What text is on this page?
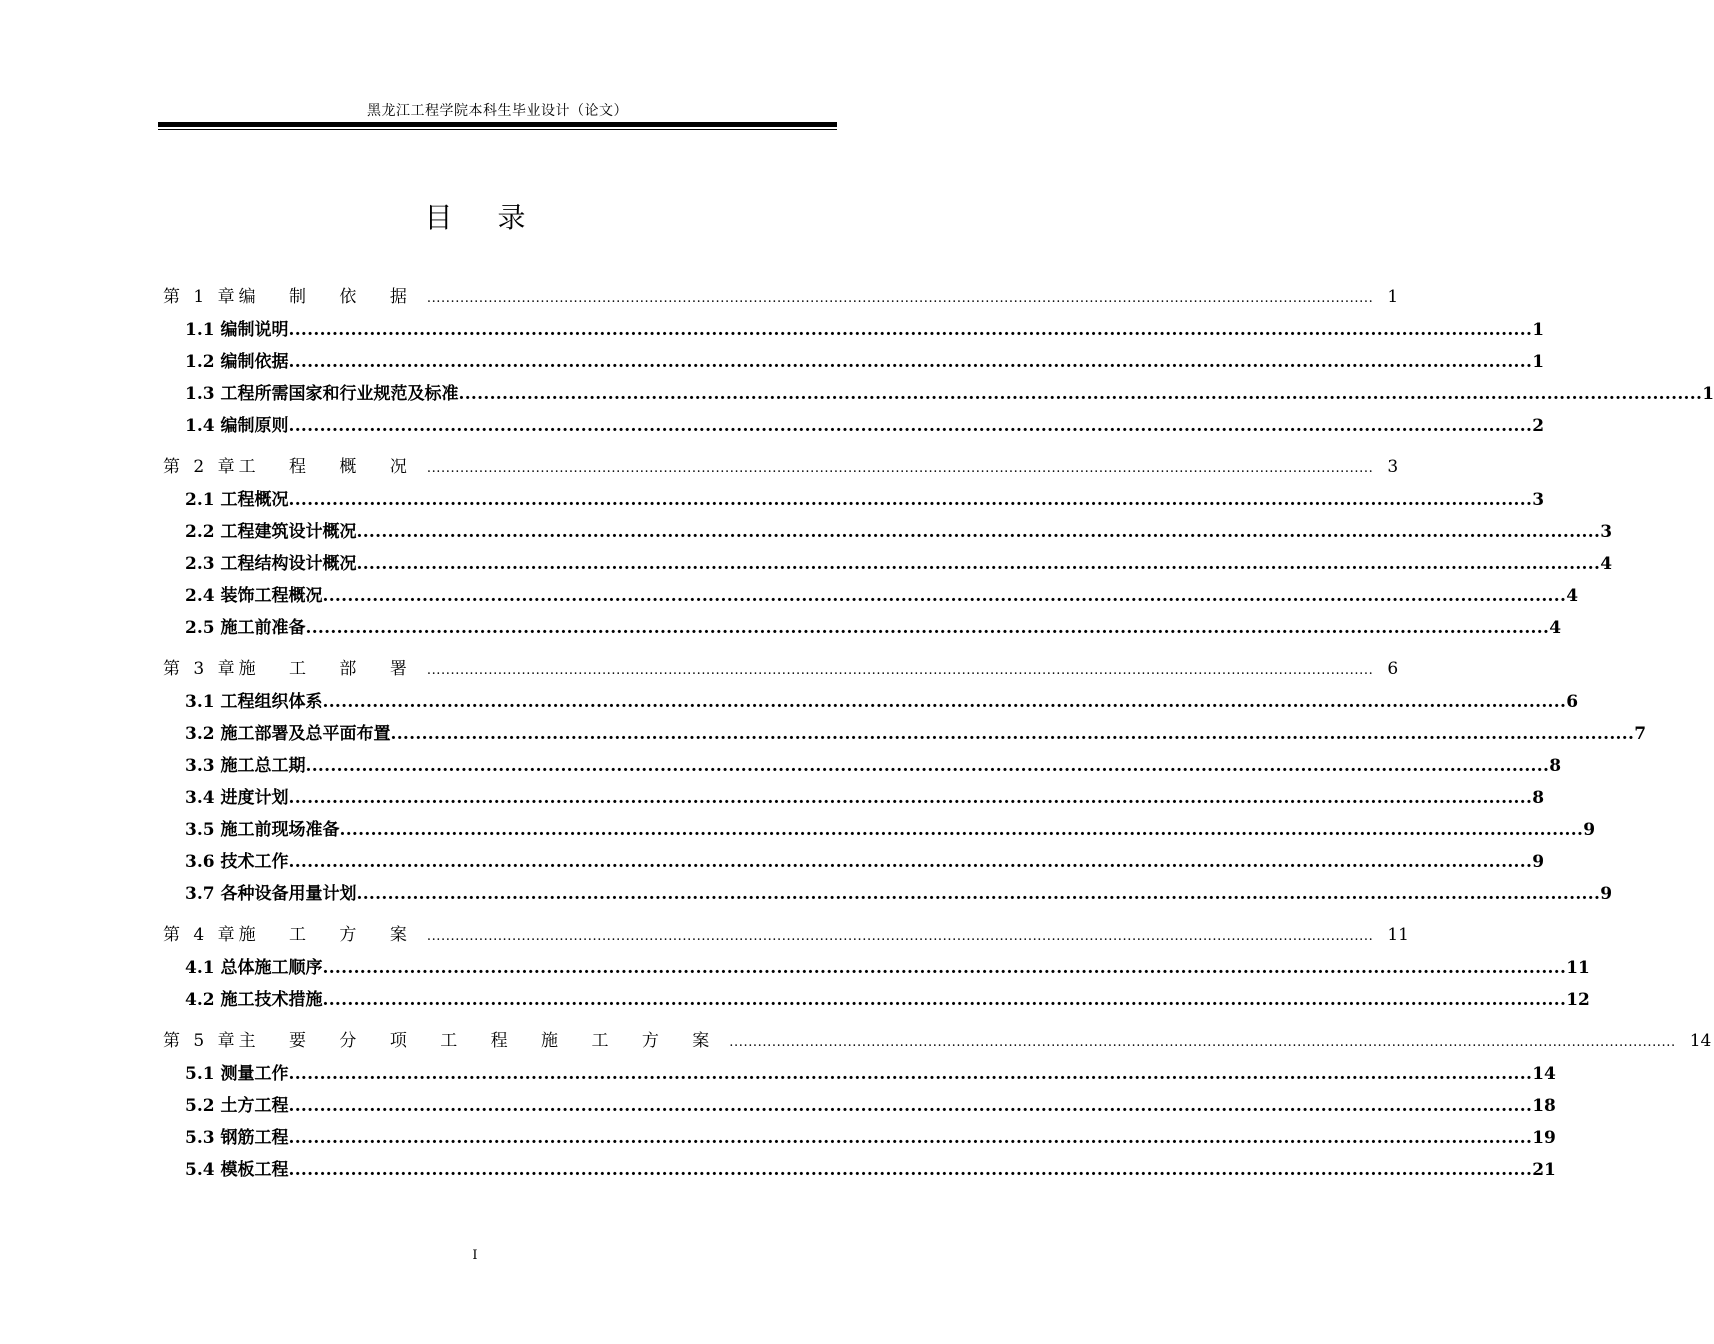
黑龙江工程学院本科生毕业设计（论文）
目 录
第 1 章 编 制 依 据 ........................................................................................................................................................................................................ 1
1.1 编制说明 ........................................................................................................................................................................................................ 1
1.2 编制依据 ........................................................................................................................................................................................................ 1
1.3 工程所需国家和行业规范及标准 ........................................................................................................................................................................................................ 1
1.4 编制原则 ........................................................................................................................................................................................................ 2
第 2 章 工 程 概 况 ........................................................................................................................................................................................................ 3
2.1 工程概况 ........................................................................................................................................................................................................ 3
2.2 工程建筑设计概况 ........................................................................................................................................................................................................ 3
2.3 工程结构设计概况 ........................................................................................................................................................................................................ 4
2.4 装饰工程概况 ........................................................................................................................................................................................................ 4
2.5 施工前准备 ........................................................................................................................................................................................................ 4
第 3 章 施 工 部 署 ........................................................................................................................................................................................................ 6
3.1 工程组织体系 ........................................................................................................................................................................................................ 6
3.2 施工部署及总平面布置 ........................................................................................................................................................................................................ 7
3.3 施工总工期 ........................................................................................................................................................................................................ 8
3.4 进度计划 ........................................................................................................................................................................................................ 8
3.5 施工前现场准备 ........................................................................................................................................................................................................ 9
3.6 技术工作 ........................................................................................................................................................................................................ 9
3.7 各种设备用量计划 ........................................................................................................................................................................................................ 9
第 4 章 施 工 方 案 ........................................................................................................................................................................................................ 11
4.1 总体施工顺序 ........................................................................................................................................................................................................ 11
4.2 施工技术措施 ........................................................................................................................................................................................................ 12
第 5 章 主 要 分 项 工 程 施 工 方 案 ........................................................................................................................................................................................................ 14
5.1 测量工作 ........................................................................................................................................................................................................ 14
5.2 土方工程 ........................................................................................................................................................................................................ 18
5.3 钢筋工程 ........................................................................................................................................................................................................ 19
5.4 模板工程 ........................................................................................................................................................................................................ 21
I
